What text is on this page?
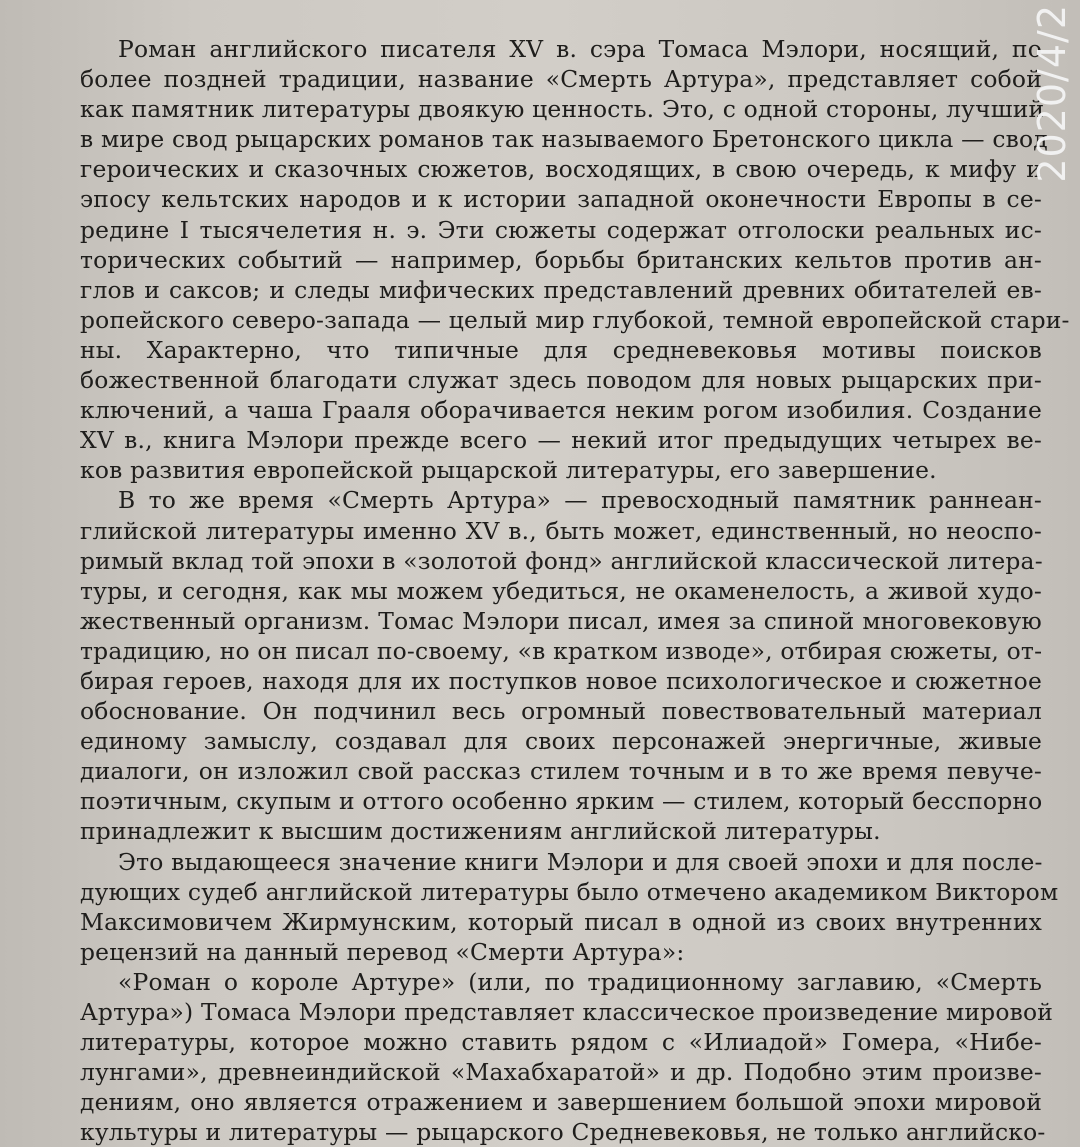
Роман английского писателя XV в. сэра Томаса Мэлори, носящий, по
более поздней традиции, название «Смерть Артура», представляет собой
как памятник литературы двоякую ценность. Это, с одной стороны, лучший
в мире свод рыцарских романов так называемого Бретонского цикла — свод
героических и сказочных сюжетов, восходящих, в свою очередь, к мифу и
эпосу кельтских народов и к истории западной оконечности Европы в се-
редине I тысячелетия н. э. Эти сюжеты содержат отголоски реальных ис-
торических событий — например, борьбы британских кельтов против ан-
глов и саксов; и следы мифических представлений древних обитателей ев-
ропейского северо-запада — целый мир глубокой, темной европейской стари-
ны. Характерно, что типичные для средневековья мотивы поисков
божественной благодати служат здесь поводом для новых рыцарских при-
ключений, а чаша Грааля оборачивается неким рогом изобилия. Создание
XV в., книга Мэлори прежде всего — некий итог предыдущих четырех ве-
ков развития европейской рыцарской литературы, его завершение.
В то же время «Смерть Артура» — превосходный памятник раннеан-
глийской литературы именно XV в., быть может, единственный, но неоспо-
римый вклад той эпохи в «золотой фонд» английской классической литера-
туры, и сегодня, как мы можем убедиться, не окаменелость, а живой худо-
жественный организм. Томас Мэлори писал, имея за спиной многовековую
традицию, но он писал по-своему, «в кратком изводе», отбирая сюжеты, от-
бирая героев, находя для их поступков новое психологическое и сюжетное
обоснование. Он подчинил весь огромный повествовательный материал
единому замыслу, создавал для своих персонажей энергичные, живые
диалоги, он изложил свой рассказ стилем точным и в то же время певуче-
поэтичным, скупым и оттого особенно ярким — стилем, который бесспорно
принадлежит к высшим достижениям английской литературы.
Это выдающееся значение книги Мэлори и для своей эпохи и для после-
дующих судеб английской литературы было отмечено академиком Виктором
Максимовичем Жирмунским, который писал в одной из своих внутренних
рецензий на данный перевод «Смерти Артура»:
«Роман о короле Артуре» (или, по традиционному заглавию, «Смерть
Артура») Томаса Мэлори представляет классическое произведение мировой
литературы, которое можно ставить рядом с «Илиадой» Гомера, «Нибе-
лунгами», древнеиндийской «Махабхаратой» и др. Подобно этим произве-
дениям, оно является отражением и завершением большой эпохи мировой
культуры и литературы — рыцарского Средневековья, не только английско-
2020/4/2
